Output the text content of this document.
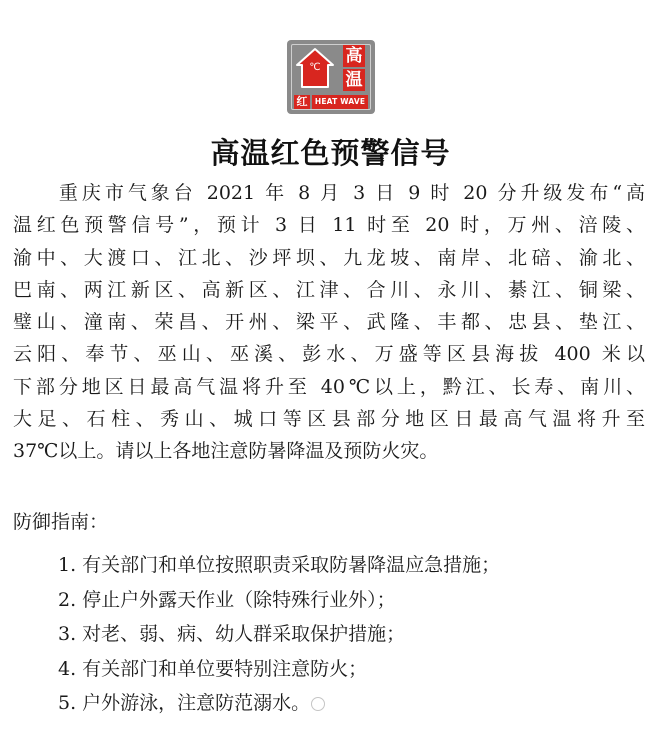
℃
高
温
红 HEAT WAVE
高温红色预警信号
　　重庆市气象台 2021 年 8 月 3 日 9 时 20 分升级发布“高
温红色预警信号”，预计 3 日 11 时至 20 时，万州、涪陵、
渝中、大渡口、江北、沙坪坝、九龙坡、南岸、北碚、渝北、
巴南、两江新区、高新区、江津、合川、永川、綦江、铜梁、
璧山、潼南、荣昌、开州、梁平、武隆、丰都、忠县、垫江、
云阳、奉节、巫山、巫溪、彭水、万盛等区县海拔 400 米以
下部分地区日最高气温将升至 40℃以上，黔江、长寿、南川、
大足、石柱、秀山、城口等区县部分地区日最高气温将升至
37℃以上。请以上各地注意防暑降温及预防火灾。
防御指南：
1. 有关部门和单位按照职责采取防暑降温应急措施；
2. 停止户外露天作业（除特殊行业外）；
3. 对老、弱、病、幼人群采取保护措施；
4. 有关部门和单位要特别注意防火；
5. 户外游泳，注意防范溺水。
